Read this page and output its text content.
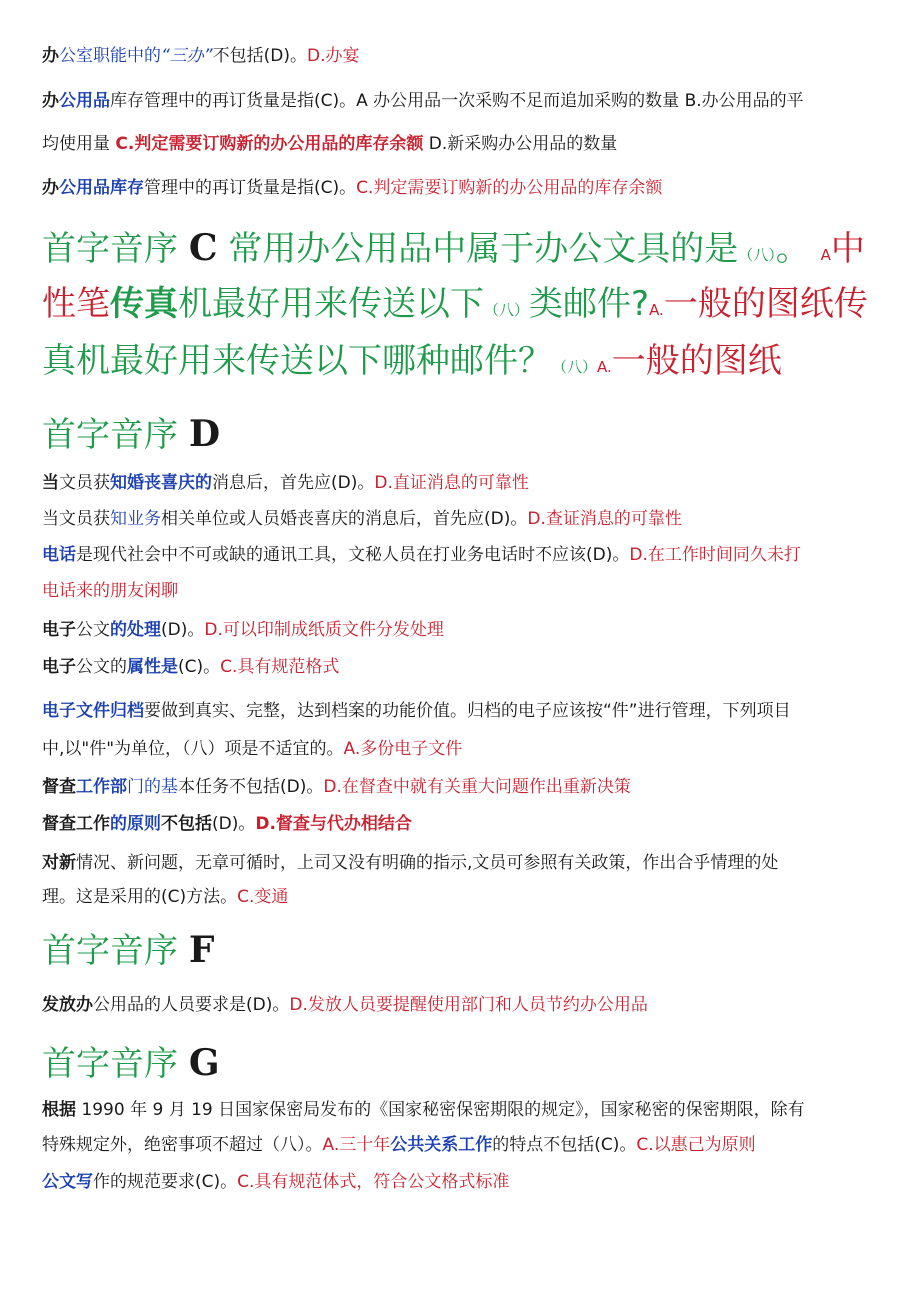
办公室职能中的“三办”不包括(D)。D.办宴
办公用品库存管理中的再订货量是指(C)。A 办公用品一次采购不足而追加采购的数量 B.办公用品的平
均使用量 C.判定需要订购新的办公用品的库存余额 D.新采购办公用品的数量
办公用品库存管理中的再订货量是指(C)。C.判定需要订购新的办公用品的库存余额
首字音序 C 常用办公用品中属于办公文具的是（八）。 A中
性笔传真机最好用来传送以下（八）类邮件?A.一般的图纸传
真机最好用来传送以下哪种邮件？（八）A.一般的图纸
首字音序 D
当文员获知婚丧喜庆的消息后，首先应(D)。D.直证消息的可靠性
当文员获知业务相关单位或人员婚丧喜庆的消息后，首先应(D)。D.查证消息的可靠性
电话是现代社会中不可或缺的通讯工具，文秘人员在打业务电话时不应该(D)。D.在工作时间同久未打
电话来的朋友闲聊
电子公文的处理(D)。D.可以印制成纸质文件分发处理
电子公文的属性是(C)。C.具有规范格式
电子文件归档要做到真实、完整，达到档案的功能价值。归档的电子应该按“件”进行管理，下列项目
中,以"件"为单位，（八）项是不适宜的。A.多份电子文件
督查工作部门的基本任务不包括(D)。D.在督查中就有关重大问题作出重新决策
督查工作的原则不包括(D)。D.督查与代办相结合
对新情况、新问题，无章可循时，上司又没有明确的指示,文员可参照有关政策，作出合乎情理的处
理。这是采用的(C)方法。C.变通
首字音序 F
发放办公用品的人员要求是(D)。D.发放人员要提醒使用部门和人员节约办公用品
首字音序 G
根据 1990 年 9 月 19 日国家保密局发布的《国家秘密保密期限的规定》，国家秘密的保密期限，除有
特殊规定外，绝密事项不超过（八）。A.三十年公共关系工作的特点不包括(C)。C.以惠己为原则
公文写作的规范要求(C)。C.具有规范体式，符合公文格式标准
